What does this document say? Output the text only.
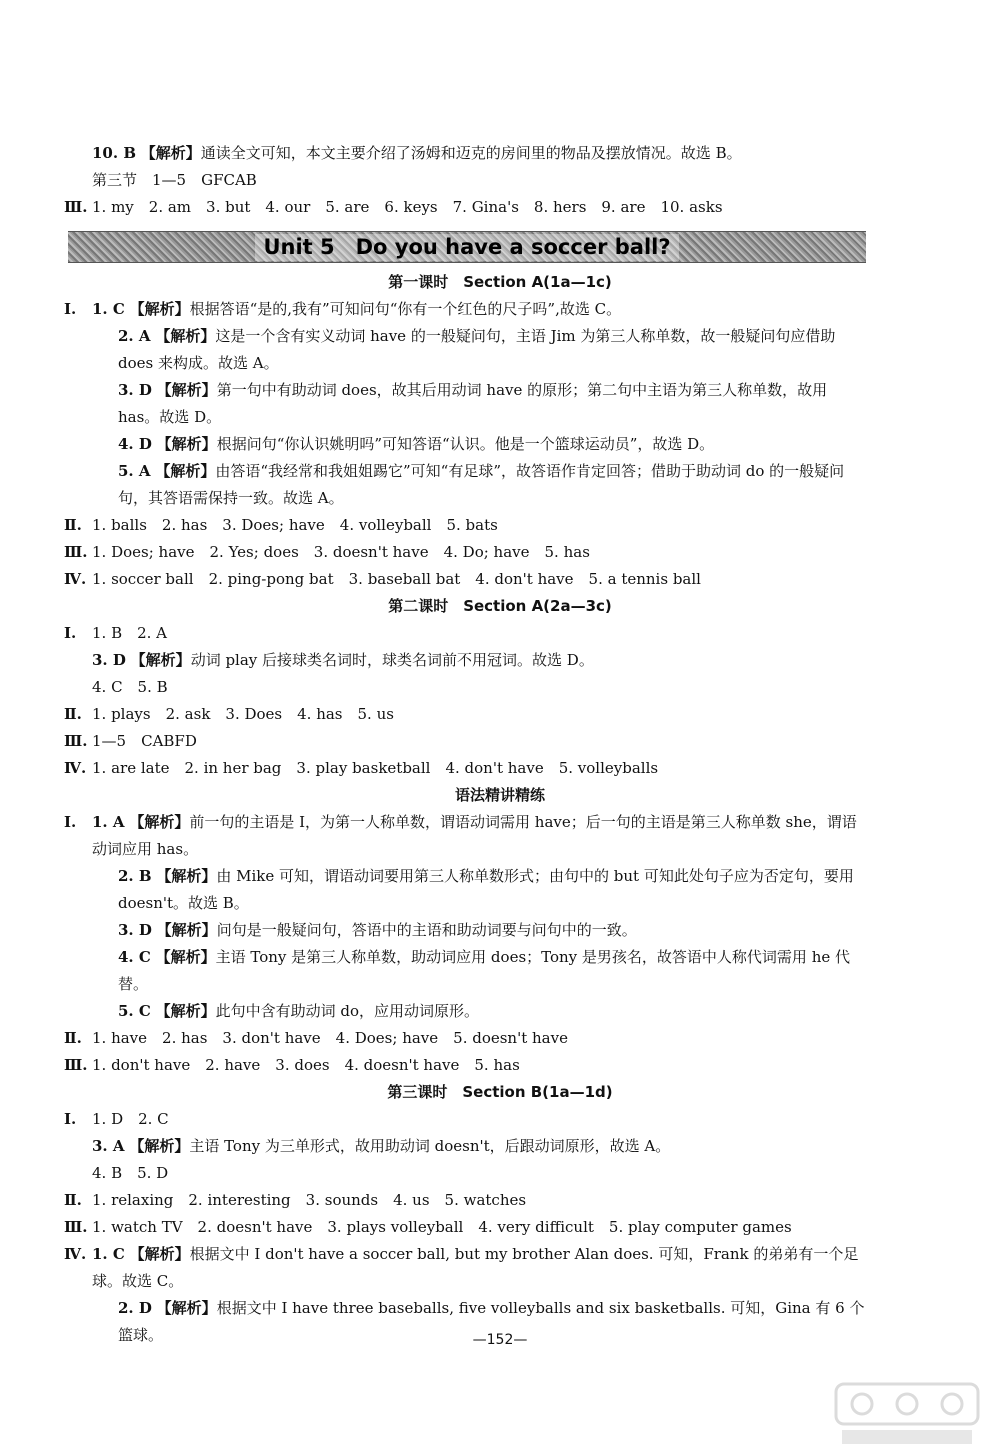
10. B 【解析】通读全文可知，本文主要介绍了汤姆和迈克的房间里的物品及摆放情况。故选 B。
第三节　1—5　GFCAB
Ⅲ. 1. my　2. am　3. but　4. our　5. are　6. keys　7. Gina's　8. hers　9. are　10. asks
Unit 5　Do you have a soccer ball?
第一课时　Section A(1a—1c)
Ⅰ. 1. C 【解析】根据答语“是的,我有”可知问句“你有一个红色的尺子吗”,故选 C。
2. A 【解析】这是一个含有实义动词 have 的一般疑问句，主语 Jim 为第三人称单数，故一般疑问句应借助 does 来构成。故选 A。
3. D 【解析】第一句中有助动词 does，故其后用动词 have 的原形；第二句中主语为第三人称单数，故用 has。故选 D。
4. D 【解析】根据问句“你认识姚明吗”可知答语“认识。他是一个篮球运动员”，故选 D。
5. A 【解析】由答语“我经常和我姐姐踢它”可知“有足球”，故答语作肯定回答；借助于助动词 do 的一般疑问句，其答语需保持一致。故选 A。
Ⅱ. 1. balls　2. has　3. Does; have　4. volleyball　5. bats
Ⅲ. 1. Does; have　2. Yes; does　3. doesn't have　4. Do; have　5. has
Ⅳ. 1. soccer ball　2. ping-pong bat　3. baseball bat　4. don't have　5. a tennis ball
第二课时　Section A(2a—3c)
Ⅰ. 1. B　2. A
3. D 【解析】动词 play 后接球类名词时，球类名词前不用冠词。故选 D。
4. C　5. B
Ⅱ. 1. plays　2. ask　3. Does　4. has　5. us
Ⅲ. 1—5　CABFD
Ⅳ. 1. are late　2. in her bag　3. play basketball　4. don't have　5. volleyballs
语法精讲精练
Ⅰ. 1. A 【解析】前一句的主语是 I，为第一人称单数，谓语动词需用 have；后一句的主语是第三人称单数 she，谓语动词应用 has。
2. B 【解析】由 Mike 可知，谓语动词要用第三人称单数形式；由句中的 but 可知此处句子应为否定句，要用 doesn't。故选 B。
3. D 【解析】问句是一般疑问句，答语中的主语和助动词要与问句中的一致。
4. C 【解析】主语 Tony 是第三人称单数，助动词应用 does；Tony 是男孩名，故答语中人称代词需用 he 代替。
5. C 【解析】此句中含有助动词 do，应用动词原形。
Ⅱ. 1. have　2. has　3. don't have　4. Does; have　5. doesn't have
Ⅲ. 1. don't have　2. have　3. does　4. doesn't have　5. has
第三课时　Section B(1a—1d)
Ⅰ. 1. D　2. C
3. A 【解析】主语 Tony 为三单形式，故用助动词 doesn't，后跟动词原形，故选 A。
4. B　5. D
Ⅱ. 1. relaxing　2. interesting　3. sounds　4. us　5. watches
Ⅲ. 1. watch TV　2. doesn't have　3. plays volleyball　4. very difficult　5. play computer games
Ⅳ. 1. C 【解析】根据文中 I don't have a soccer ball, but my brother Alan does. 可知，Frank 的弟弟有一个足球。故选 C。
2. D 【解析】根据文中 I have three baseballs, five volleyballs and six basketballs. 可知，Gina 有 6 个篮球。	—152—
